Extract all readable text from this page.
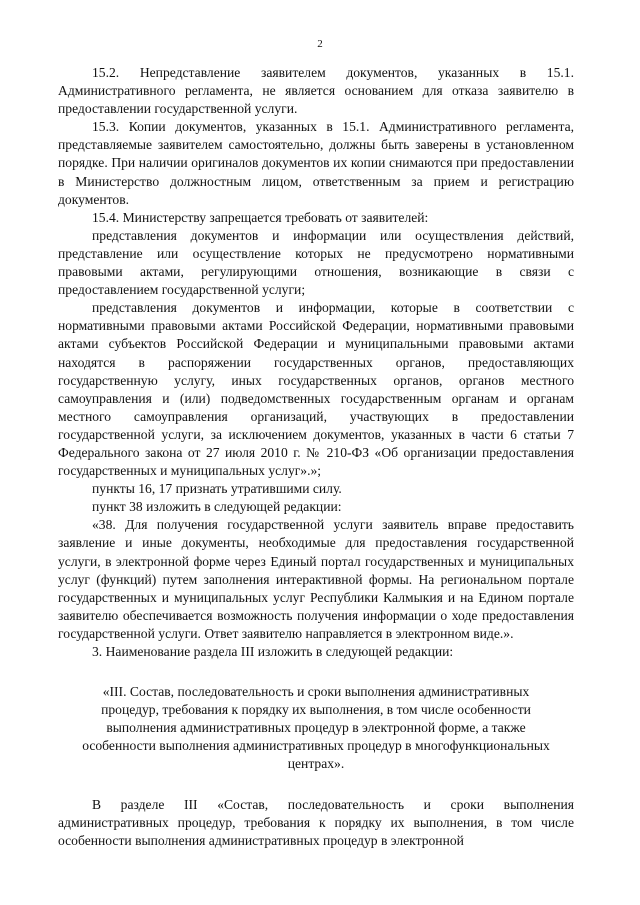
2

15.2. Непредставление заявителем документов, указанных в 15.1. Административного регламента, не является основанием для отказа заявителю в предоставлении государственной услуги.

15.3. Копии документов, указанных в 15.1. Административного регламента, представляемые заявителем самостоятельно, должны быть заверены в установленном порядке. При наличии оригиналов документов их копии снимаются при предоставлении в Министерство должностным лицом, ответственным за прием и регистрацию документов.

15.4. Министерству запрещается требовать от заявителей:

представления документов и информации или осуществления действий, представление или осуществление которых не предусмотрено нормативными правовыми актами, регулирующими отношения, возникающие в связи с предоставлением государственной услуги;

представления документов и информации, которые в соответствии с нормативными правовыми актами Российской Федерации, нормативными правовыми актами субъектов Российской Федерации и муниципальными правовыми актами находятся в распоряжении государственных органов, предоставляющих государственную услугу, иных государственных органов, органов местного самоуправления и (или) подведомственных государственным органам и органам местного самоуправления организаций, участвующих в предоставлении государственной услуги, за исключением документов, указанных в части 6 статьи 7 Федерального закона от 27 июля 2010 г. № 210-ФЗ «Об организации предоставления государственных и муниципальных услуг».»;

пункты 16, 17 признать утратившими силу.

пункт 38 изложить в следующей редакции:

«38. Для получения государственной услуги заявитель вправе предоставить заявление и иные документы, необходимые для предоставления государственной услуги, в электронной форме через Единый портал государственных и муниципальных услуг (функций) путем заполнения интерактивной формы. На региональном портале государственных и муниципальных услуг Республики Калмыкия и на Едином портале заявителю обеспечивается возможность получения информации о ходе предоставления государственной услуги. Ответ заявителю направляется в электронном виде.».

3. Наименование раздела III изложить в следующей редакции:

«III. Состав, последовательность и сроки выполнения административных процедур, требования к порядку их выполнения, в том числе особенности выполнения административных процедур в электронной форме, а также особенности выполнения административных процедур в многофункциональных центрах».

В разделе III «Состав, последовательность и сроки выполнения административных процедур, требования к порядку их выполнения, в том числе особенности выполнения административных процедур в электронной
